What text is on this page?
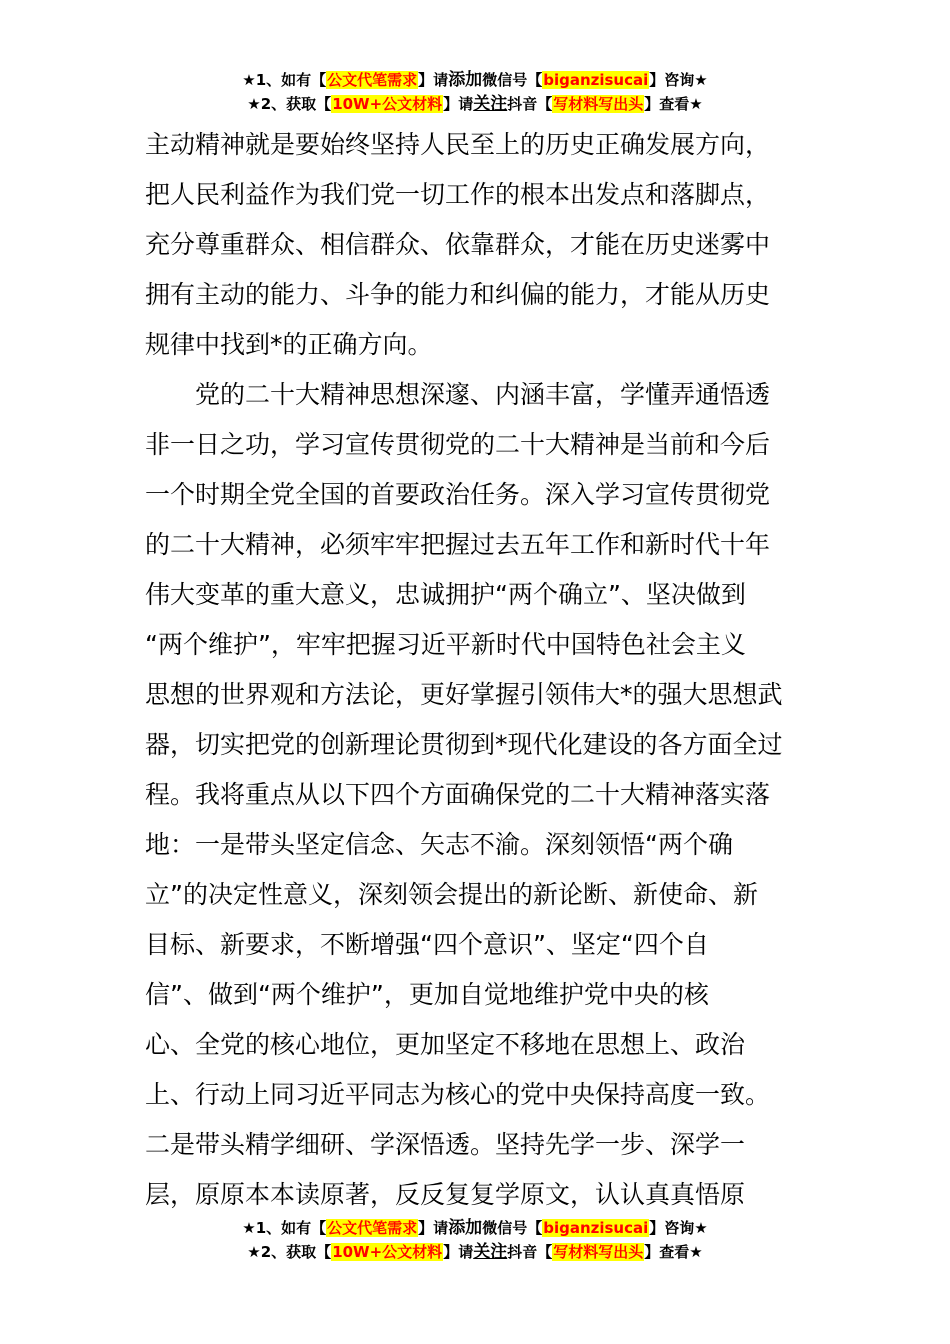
★1、如有【公文代笔需求】请添加微信号【biganzisucai】咨询★
★2、获取【10W+公文材料】请关注抖音【写材料写出头】查看★
主动精神就是要始终坚持人民至上的历史正确发展方向，
把人民利益作为我们党一切工作的根本出发点和落脚点，
充分尊重群众、相信群众、依靠群众，才能在历史迷雾中
拥有主动的能力、斗争的能力和纠偏的能力，才能从历史
规律中找到*的正确方向。
党的二十大精神思想深邃、内涵丰富，学懂弄通悟透
非一日之功，学习宣传贯彻党的二十大精神是当前和今后
一个时期全党全国的首要政治任务。深入学习宣传贯彻党
的二十大精神，必须牢牢把握过去五年工作和新时代十年
伟大变革的重大意义，忠诚拥护“两个确立”、坚决做到
“两个维护”，牢牢把握习近平新时代中国特色社会主义
思想的世界观和方法论，更好掌握引领伟大*的强大思想武
器，切实把党的创新理论贯彻到*现代化建设的各方面全过
程。我将重点从以下四个方面确保党的二十大精神落实落
地：一是带头坚定信念、矢志不渝。深刻领悟“两个确
立”的决定性意义，深刻领会提出的新论断、新使命、新
目标、新要求，不断增强“四个意识”、坚定“四个自
信”、做到“两个维护”，更加自觉地维护党中央的核
心、全党的核心地位，更加坚定不移地在思想上、政治
上、行动上同习近平同志为核心的党中央保持高度一致。
二是带头精学细研、学深悟透。坚持先学一步、深学一
层，原原本本读原著，反反复复学原文，认认真真悟原
★1、如有【公文代笔需求】请添加微信号【biganzisucai】咨询★
★2、获取【10W+公文材料】请关注抖音【写材料写出头】查看★
